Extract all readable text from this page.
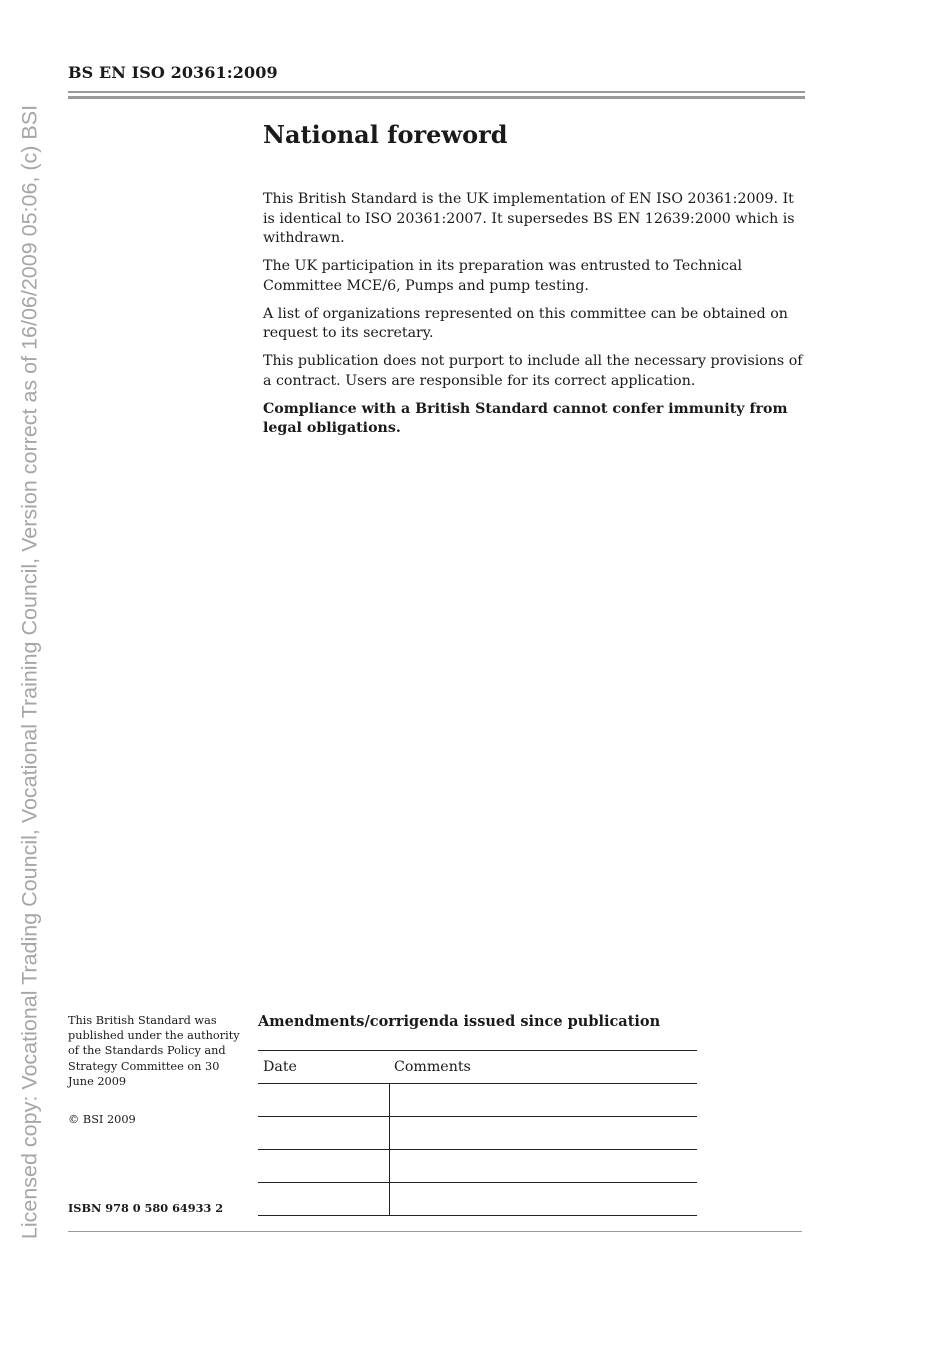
Licensed copy: Vocational Trading Council, Vocational Training Council, Version correct as of 16/06/2009 05:06, (c) BSI
BS EN ISO 20361:2009
National foreword

This British Standard is the UK implementation of EN ISO 20361:2009. It is identical to ISO 20361:2007. It supersedes BS EN 12639:2000 which is withdrawn.

The UK participation in its preparation was entrusted to Technical Committee MCE/6, Pumps and pump testing.

A list of organizations represented on this committee can be obtained on request to its secretary.

This publication does not purport to include all the necessary provisions of a contract. Users are responsible for its correct application.

Compliance with a British Standard cannot confer immunity from legal obligations.

This British Standard was published under the authority of the Standards Policy and Strategy Committee on 30 June 2009
© BSI 2009
ISBN 978 0 580 64933 2
Amendments/corrigenda issued since publication
Date	Comments
